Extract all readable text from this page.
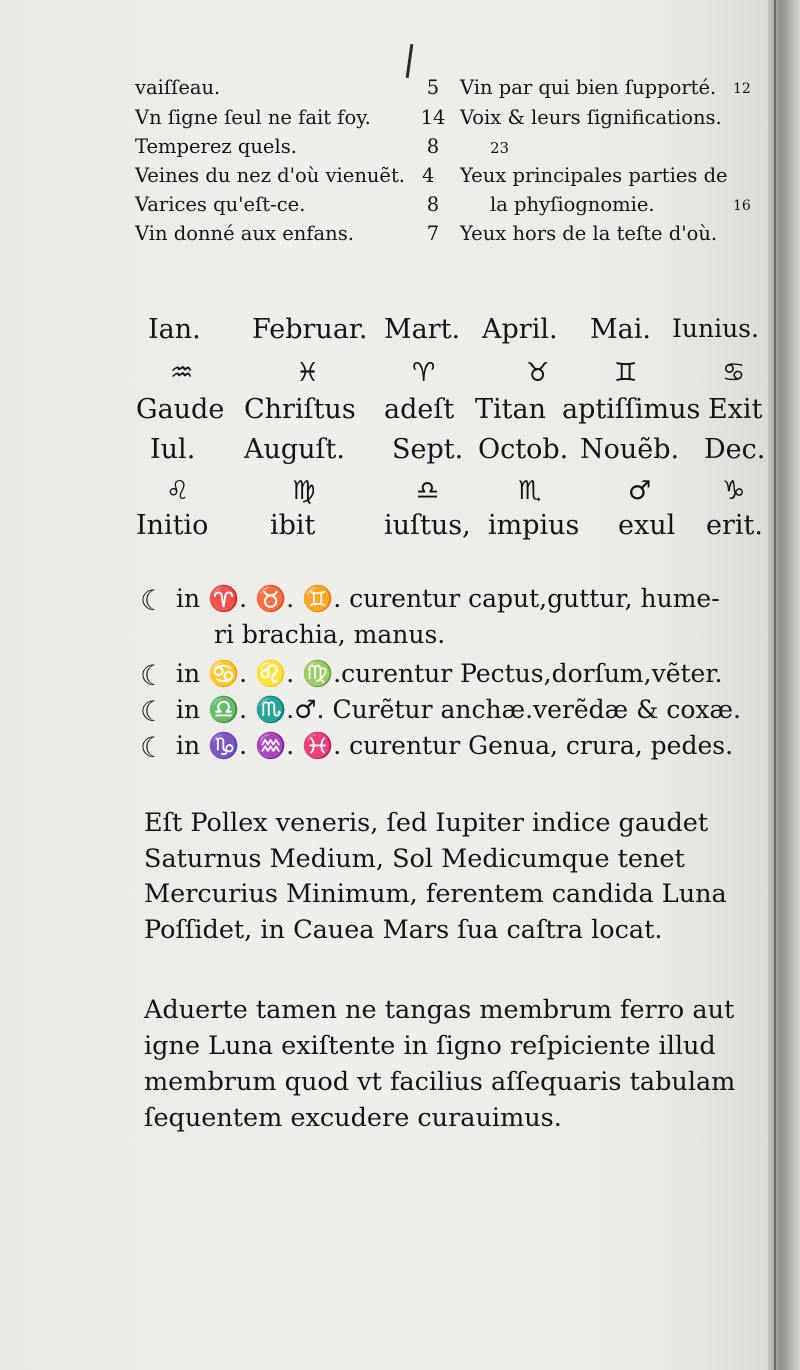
vaiſſeau.	5	Vin par qui bien ſupporté. 12
Vn ſigne ſeul ne fait foy.	14 Voix & leurs ſignifications.
Temperez quels.	8	23
Veines du nez d'où vienuẽt. 4 Yeux principales parties de
Varices qu'eſt-ce.	8	la phyſiognomie.	16
Vin donné aux enfans.	7	Yeux hors de la teſte d'où.
Ian. Februar. Mart. April. Mai. Iunius.
♒	♓	♈	♉ ♊	♋
Gaude Chriſtus adeſt Titan aptiſſimus Exit
Iul. Auguſt. Sept. Octob. Nouẽb. Dec.
♌	♍	♎	♏	♂	♑
Initio ibit	iuſtus, impius exul erit.
☾ in ♈. ♉. ♊. curentur caput,guttur, hume-
ri brachia, manus.
☾ in ♋. ♌. ♍.curentur Pectus,dorſum,vẽter.
☾ in ♎. ♏.♂. Curẽtur anchæ.verẽdæ & coxæ.
☾ in ♑. ♒. ♓. curentur Genua, crura, pedes.
Eſt Pollex veneris, ſed Iupiter indice gaudet
Saturnus Medium, Sol Medicumque tenet
Mercurius Minimum, ferentem candida Luna
Poſſidet, in Cauea Mars ſua caſtra locat.
Aduerte tamen ne tangas membrum ferro aut
igne Luna exiſtente in ſigno reſpiciente illud
membrum quod vt facilius aſſequaris tabulam
ſequentem excudere curauimus.
